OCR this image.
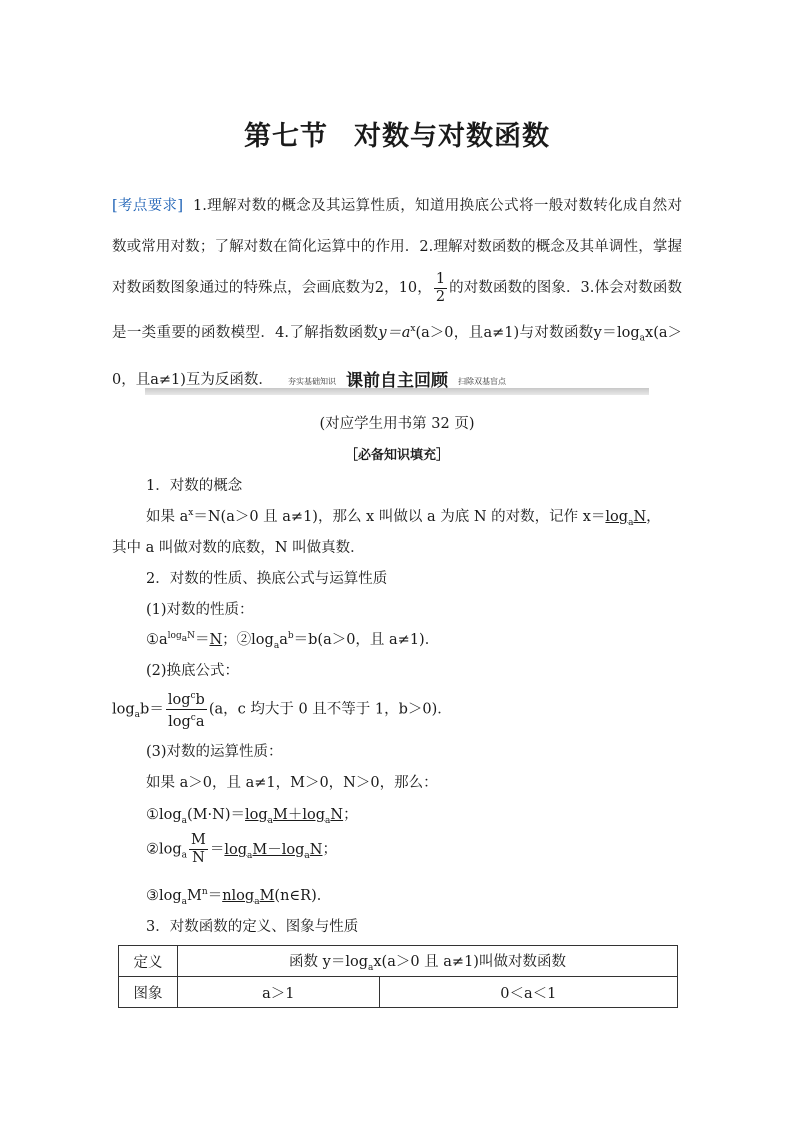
第七节 对数与对数函数
[考点要求] 1.理解对数的概念及其运算性质，知道用换底公式将一般对数转化成自然对数或常用对数；了解对数在简化运算中的作用．2.理解对数函数的概念及其单调性，掌握对数函数图象通过的特殊点，会画底数为2，10， $\frac{1}{2}$ 的对数函数的图象．3.体会对数函数是一类重要的函数模型．4.了解指数函数$y=a^x(a>0$，且a≠1)与对数函数$y=\log_ax(a>0$，且a≠1)互为反函数．	夯实基础知识 课前自主回顾 扫除双基盲点
(对应学生用书第 32 页)
［必备知识填充］
1．对数的概念
如果 $a^x=N(a>0$ 且 a≠1)，那么 x 叫做以 a 为底 N 的对数，记作 $x=\log_aN$，
其中 a 叫做对数的底数，N 叫做真数．
2．对数的性质、换底公式与运算性质
(1)对数的性质：
$①a^{log_aN}=N$；$②\log_aa^b=b(a>0$，且 a≠1)．
(2)换底公式：
$\log_ab= \frac{\log^cb}{\log^ca} (a$，c 均大于 0 且不等于 1，b＞0)．
(3)对数的运算性质：
如果 a＞0，且 a≠1，M＞0，N＞0，那么：
$①\log_a(M\cdot N)=\log_aM+\log_aN$；
$②\log_a \frac{M}{N} =\log_aM-\log_aN$；
$③\log_aM^n=nlog_aM(n\in R)$．
3．对数函数的定义、图象与性质
定义	函数 $y=\log_ax(a>0$ 且 a≠1)叫做对数函数	
图象	a＞1	0＜a＜1
